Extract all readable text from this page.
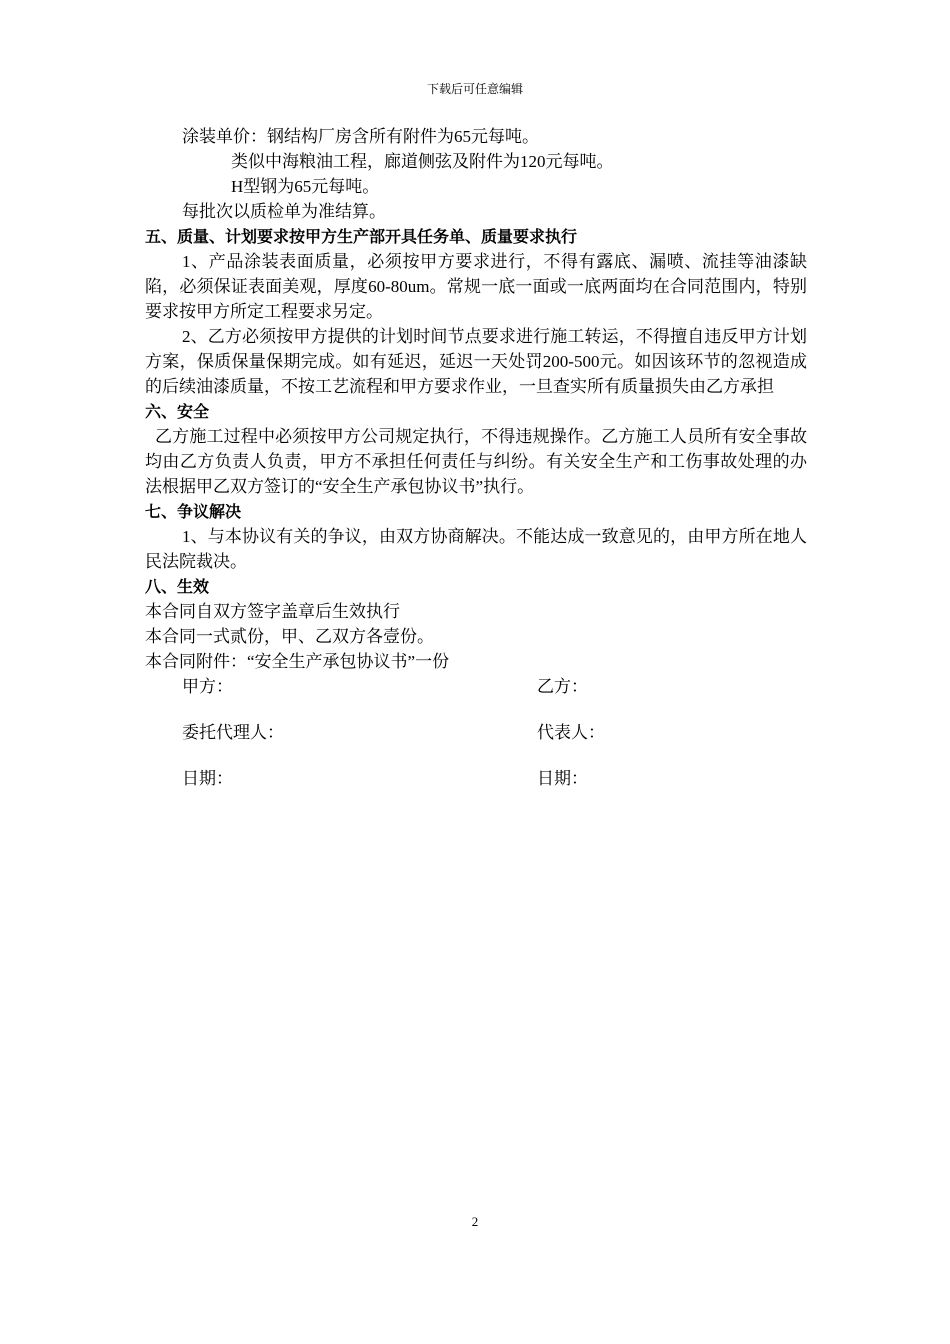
下载后可任意编辑
涂装单价：钢结构厂房含所有附件为65元每吨。
类似中海粮油工程，廊道侧弦及附件为120元每吨。
H型钢为65元每吨。
每批次以质检单为准结算。
五、质量、计划要求按甲方生产部开具任务单、质量要求执行
1、产品涂装表面质量，必须按甲方要求进行，不得有露底、漏喷、流挂等油漆缺陷，必须保证表面美观，厚度60-80um。常规一底一面或一底两面均在合同范围内，特别要求按甲方所定工程要求另定。
2、乙方必须按甲方提供的计划时间节点要求进行施工转运，不得擅自违反甲方计划方案，保质保量保期完成。如有延迟，延迟一天处罚200-500元。如因该环节的忽视造成的后续油漆质量，不按工艺流程和甲方要求作业，一旦查实所有质量损失由乙方承担
六、安全
乙方施工过程中必须按甲方公司规定执行，不得违规操作。乙方施工人员所有安全事故均由乙方负责人负责，甲方不承担任何责任与纠纷。有关安全生产和工伤事故处理的办法根据甲乙双方签订的“安全生产承包协议书”执行。
七、争议解决
1、与本协议有关的争议，由双方协商解决。不能达成一致意见的，由甲方所在地人民法院裁决。
八、生效
本合同自双方签字盖章后生效执行
本合同一式贰份，甲、乙双方各壹份。
本合同附件：“安全生产承包协议书”一份
甲方：	乙方：
委托代理人：	代表人：
日期：	日期：
2
